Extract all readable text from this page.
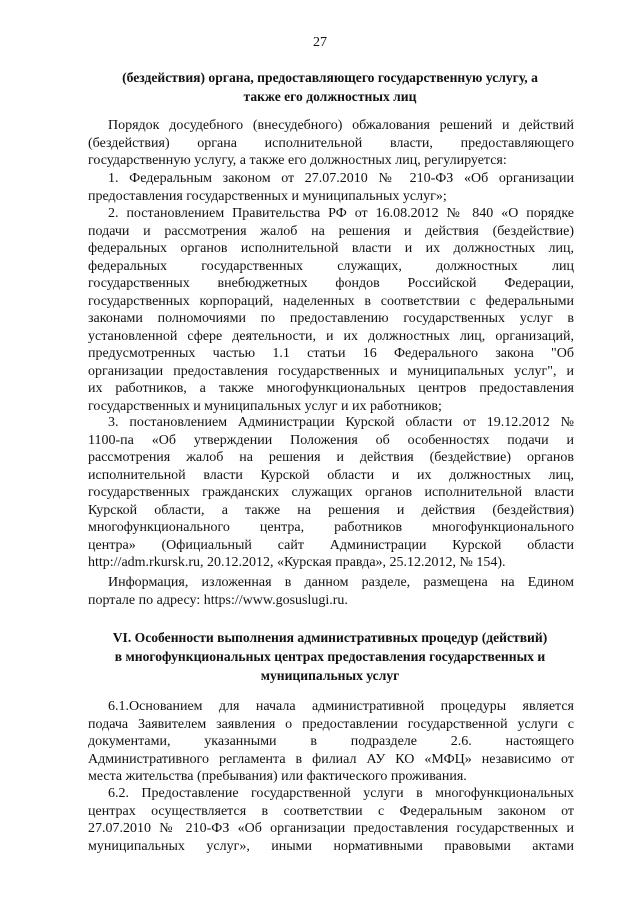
27
(бездействия) органа, предоставляющего государственную услугу, а
также его должностных лиц
Порядок досудебного (внесудебного) обжалования решений и действий
(бездействия) органа исполнительной власти, предоставляющего
государственную услугу, а также его должностных лиц, регулируется:
1. Федеральным законом от 27.07.2010 № 210-ФЗ «Об организации
предоставления государственных и муниципальных услуг»;
2. постановлением Правительства РФ от 16.08.2012 № 840 «О порядке
подачи и рассмотрения жалоб на решения и действия (бездействие)
федеральных органов исполнительной власти и их должностных лиц,
федеральных государственных служащих, должностных лиц
государственных внебюджетных фондов Российской Федерации,
государственных корпораций, наделенных в соответствии с федеральными
законами полномочиями по предоставлению государственных услуг в
установленной сфере деятельности, и их должностных лиц, организаций,
предусмотренных частью 1.1 статьи 16 Федерального закона "Об
организации предоставления государственных и муниципальных услуг", и
их работников, а также многофункциональных центров предоставления
государственных и муниципальных услуг и их работников;
3. постановлением Администрации Курской области от 19.12.2012 №
1100-па «Об утверждении Положения об особенностях подачи и
рассмотрения жалоб на решения и действия (бездействие) органов
исполнительной власти Курской области и их должностных лиц,
государственных гражданских служащих органов исполнительной власти
Курской области, а также на решения и действия (бездействия)
многофункционального центра, работников многофункционального
центра» (Официальный сайт Администрации Курской области
http://adm.rkursk.ru, 20.12.2012, «Курская правда», 25.12.2012, № 154).
Информация, изложенная в данном разделе, размещена на Едином
портале по адресу: https://www.gosuslugi.ru.
VI. Особенности выполнения административных процедур (действий)
в многофункциональных центрах предоставления государственных и
муниципальных услуг
6.1.Основанием для начала административной процедуры является
подача Заявителем заявления о предоставлении государственной услуги с
документами, указанными в подразделе 2.6. настоящего
Административного регламента в филиал АУ КО «МФЦ» независимо от
места жительства (пребывания) или фактического проживания.
6.2. Предоставление государственной услуги в многофункциональных
центрах осуществляется в соответствии с Федеральным законом от
27.07.2010 № 210-ФЗ «Об организации предоставления государственных и
муниципальных услуг», иными нормативными правовыми актами
